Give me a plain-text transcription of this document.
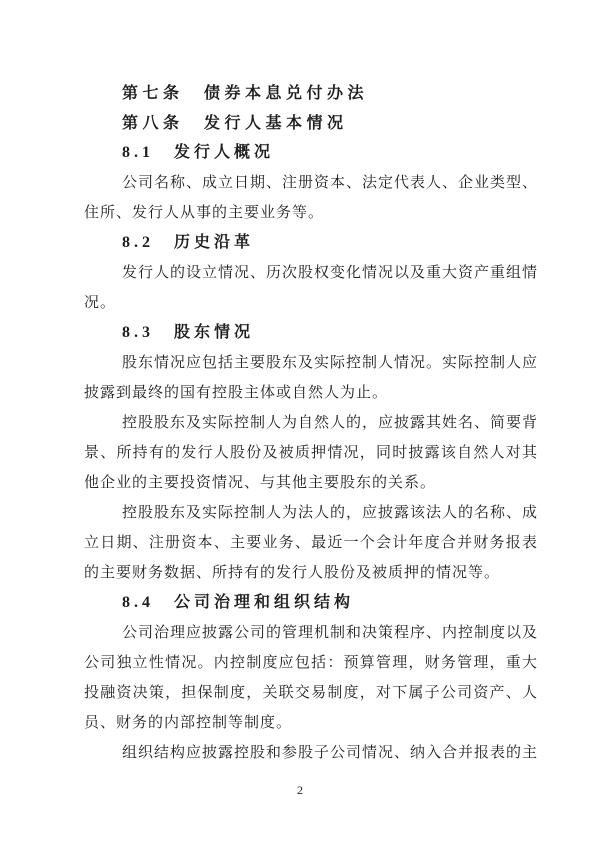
第七条　债券本息兑付办法
第八条　发行人基本情况
8.1　发行人概况
公司名称、成立日期、注册资本、法定代表人、企业类型、住所、发行人从事的主要业务等。
8.2　历史沿革
发行人的设立情况、历次股权变化情况以及重大资产重组情况。
8.3　股东情况
股东情况应包括主要股东及实际控制人情况。实际控制人应披露到最终的国有控股主体或自然人为止。
控股股东及实际控制人为自然人的，应披露其姓名、简要背景、所持有的发行人股份及被质押情况，同时披露该自然人对其他企业的主要投资情况、与其他主要股东的关系。
控股股东及实际控制人为法人的，应披露该法人的名称、成立日期、注册资本、主要业务、最近一个会计年度合并财务报表的主要财务数据、所持有的发行人股份及被质押的情况等。
8.4　公司治理和组织结构
公司治理应披露公司的管理机制和决策程序、内控制度以及公司独立性情况。内控制度应包括：预算管理，财务管理，重大投融资决策，担保制度，关联交易制度，对下属子公司资产、人员、财务的内部控制等制度。
组织结构应披露控股和参股子公司情况、纳入合并报表的主
2
